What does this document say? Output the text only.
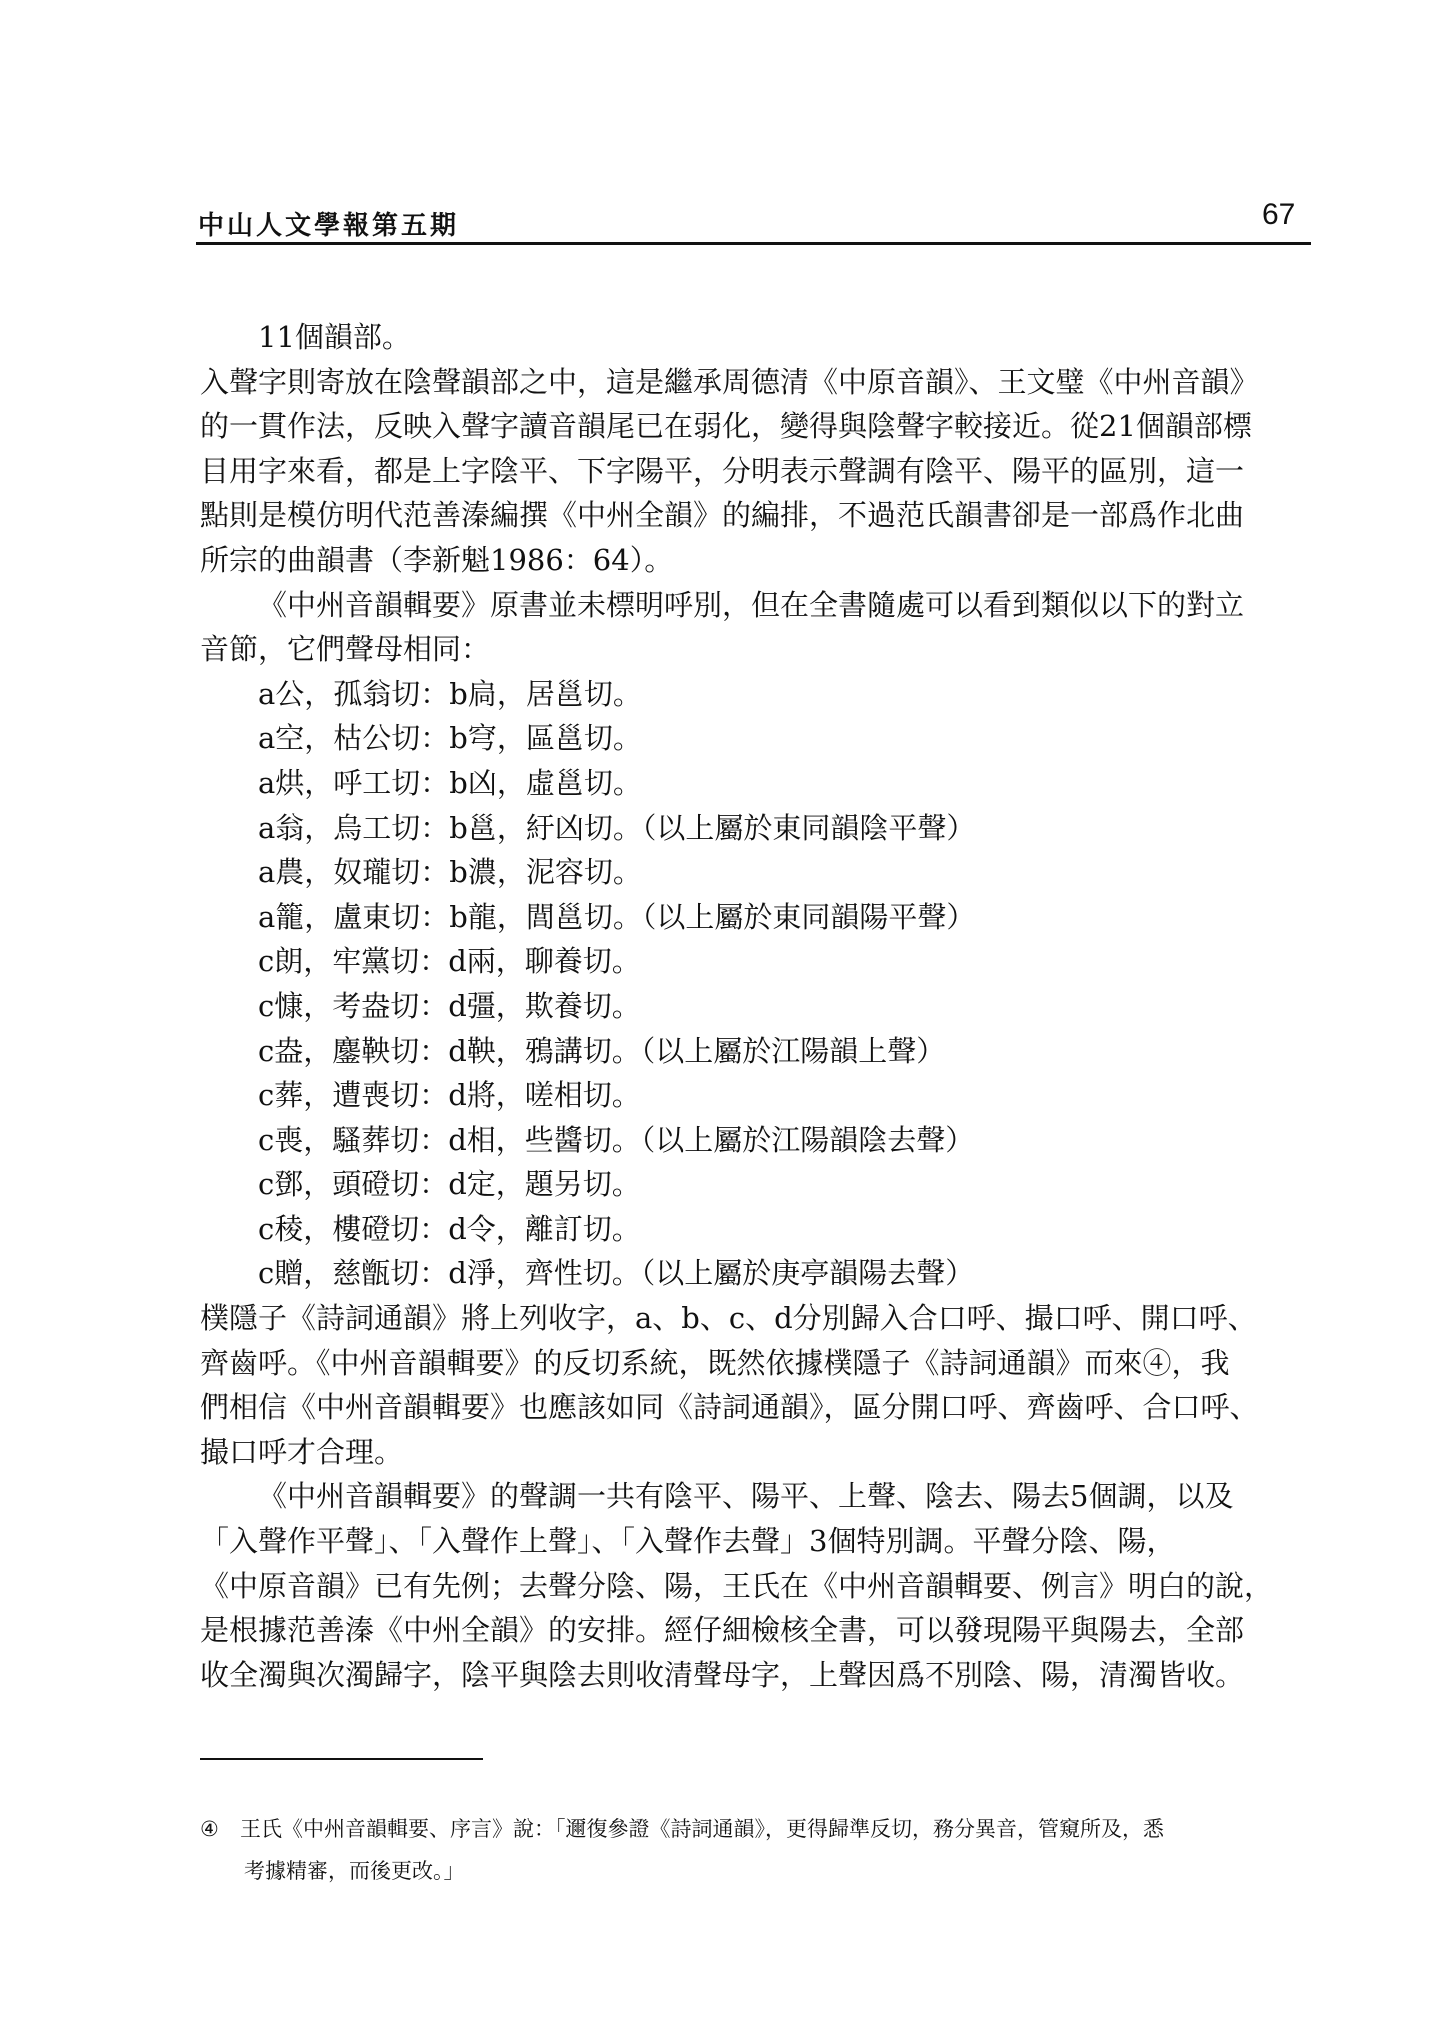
中山人文學報第五期	67

11個韻部。

入聲字則寄放在陰聲韻部之中，這是繼承周德清《中原音韻》、王文璧《中州音韻》

的一貫作法，反映入聲字讀音韻尾已在弱化，變得與陰聲字較接近。從21個韻部標

目用字來看，都是上字陰平、下字陽平，分明表示聲調有陰平、陽平的區別，這一

點則是模仿明代范善溱編撰《中州全韻》的編排，不過范氏韻書卻是一部爲作北曲

所宗的曲韻書（李新魁1986：64）。

《中州音韻輯要》原書並未標明呼別，但在全書隨處可以看到類似以下的對立

音節，它們聲母相同：

a公，孤翁切：b扃，居邕切。

a空，枯公切：b穹，區邕切。

a烘，呼工切：b凶，虛邕切。

a翁，烏工切：b邕，紆凶切。（以上屬於東同韻陰平聲）

a農，奴瓏切：b濃，泥容切。

a籠，盧東切：b龍，閭邕切。（以上屬於東同韻陽平聲）

c朗，牢黨切：d兩，聊養切。

c慷，考盎切：d彊，欺養切。

c盎，鏖鞅切：d鞅，鴉講切。（以上屬於江陽韻上聲）

c葬，遭喪切：d將，嗟相切。

c喪，騷葬切：d相，些醬切。（以上屬於江陽韻陰去聲）

c鄧，頭磴切：d定，題另切。

c稜，樓磴切：d令，離訂切。

c贈，慈甑切：d淨，齊性切。（以上屬於庚亭韻陽去聲）

樸隱子《詩詞通韻》將上列收字，a、b、c、d分別歸入合口呼、撮口呼、開口呼、

齊齒呼。《中州音韻輯要》的反切系統，既然依據樸隱子《詩詞通韻》而來④，我

們相信《中州音韻輯要》也應該如同《詩詞通韻》，區分開口呼、齊齒呼、合口呼、

撮口呼才合理。

《中州音韻輯要》的聲調一共有陰平、陽平、上聲、陰去、陽去5個調，以及

「入聲作平聲」、「入聲作上聲」、「入聲作去聲」3個特別調。平聲分陰、陽，

《中原音韻》已有先例；去聲分陰、陽，王氏在《中州音韻輯要、例言》明白的說，

是根據范善溱《中州全韻》的安排。經仔細檢核全書，可以發現陽平與陽去，全部

收全濁與次濁歸字，陰平與陰去則收清聲母字，上聲因爲不別陰、陽，清濁皆收。

④ 王氏《中州音韻輯要、序言》說：「邇復參證《詩詞通韻》，更得歸準反切，務分異音，管窺所及，悉
考據精審，而後更改。」
